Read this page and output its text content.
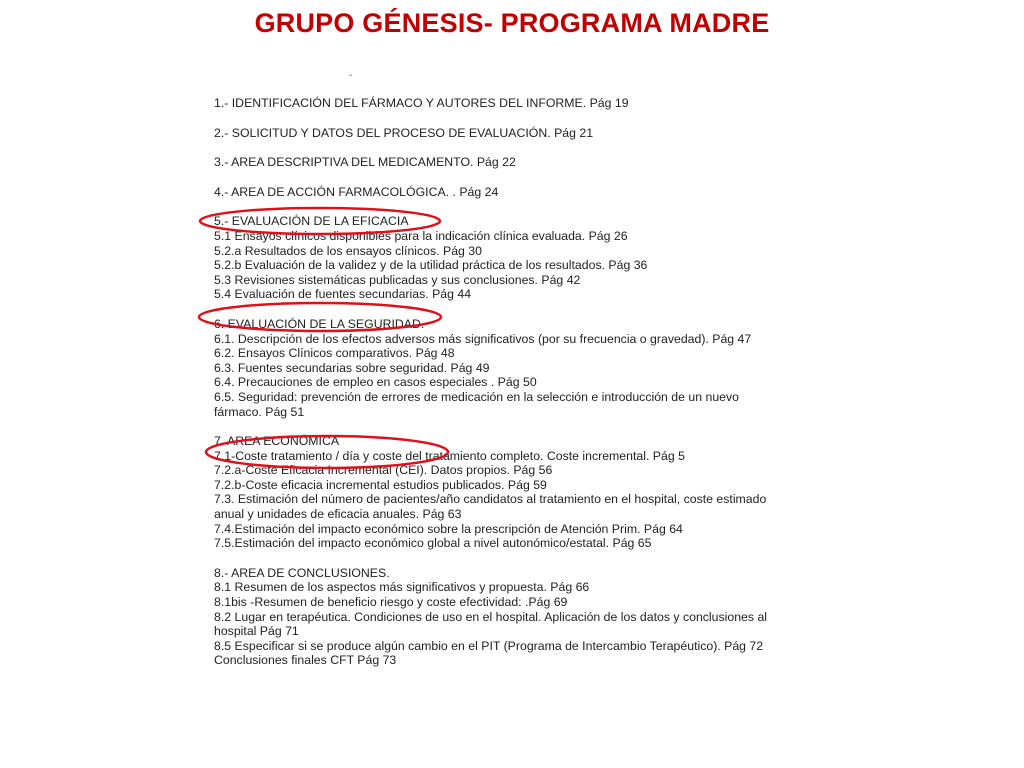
GRUPO GÉNESIS- PROGRAMA MADRE
-
1.- IDENTIFICACIÓN DEL FÁRMACO Y AUTORES DEL INFORME. Pág 19
2.- SOLICITUD Y DATOS DEL PROCESO DE EVALUACIÓN. Pág 21
3.- AREA DESCRIPTIVA DEL MEDICAMENTO. Pág 22
4.- AREA DE ACCIÓN FARMACOLÓGICA. . Pág 24
5.- EVALUACIÓN DE LA EFICACIA
5.1 Ensayos clínicos disponibles para la indicación clínica evaluada. Pág 26
5.2.a Resultados de los ensayos clínicos. Pág 30
5.2.b Evaluación de la validez y de la utilidad práctica de los resultados. Pág 36
5.3 Revisiones sistemáticas publicadas y sus conclusiones. Pág 42
5.4 Evaluación de fuentes secundarias. Pág 44
6. EVALUACIÓN DE LA SEGURIDAD.
6.1. Descripción de los efectos adversos más significativos (por su frecuencia o gravedad). Pág 47
6.2. Ensayos Clínicos comparativos. Pág 48
6.3. Fuentes secundarias sobre seguridad. Pág 49
6.4. Precauciones de empleo en casos especiales . Pág 50
6.5. Seguridad: prevención de errores de medicación en la selección e introducción de un nuevo fármaco. Pág 51
7. AREA ECONÓMICA
7.1-Coste tratamiento / día y coste del tratamiento completo. Coste incremental. Pág 5
7.2.a-Coste Eficacia Incremental (CEI). Datos propios. Pág 56
7.2.b-Coste eficacia incremental estudios publicados. Pág 59
7.3. Estimación del número de pacientes/año candidatos al tratamiento en el hospital, coste estimado anual y unidades de eficacia anuales. Pág 63
7.4.Estimación del impacto económico sobre la prescripción de Atención Prim. Pág 64
7.5.Estimación del impacto económico global a nivel autonómico/estatal. Pág 65
8.- AREA DE CONCLUSIONES.
8.1 Resumen de los aspectos más significativos y propuesta. Pág 66
8.1bis -Resumen de beneficio riesgo y coste efectividad: .Pág 69
8.2 Lugar en terapéutica. Condiciones de uso en el hospital. Aplicación de los datos y conclusiones al hospital Pág 71
8.5 Especificar si se produce algún cambio en el PIT (Programa de Intercambio Terapéutico). Pág 72
Conclusiones finales CFT Pág 73
